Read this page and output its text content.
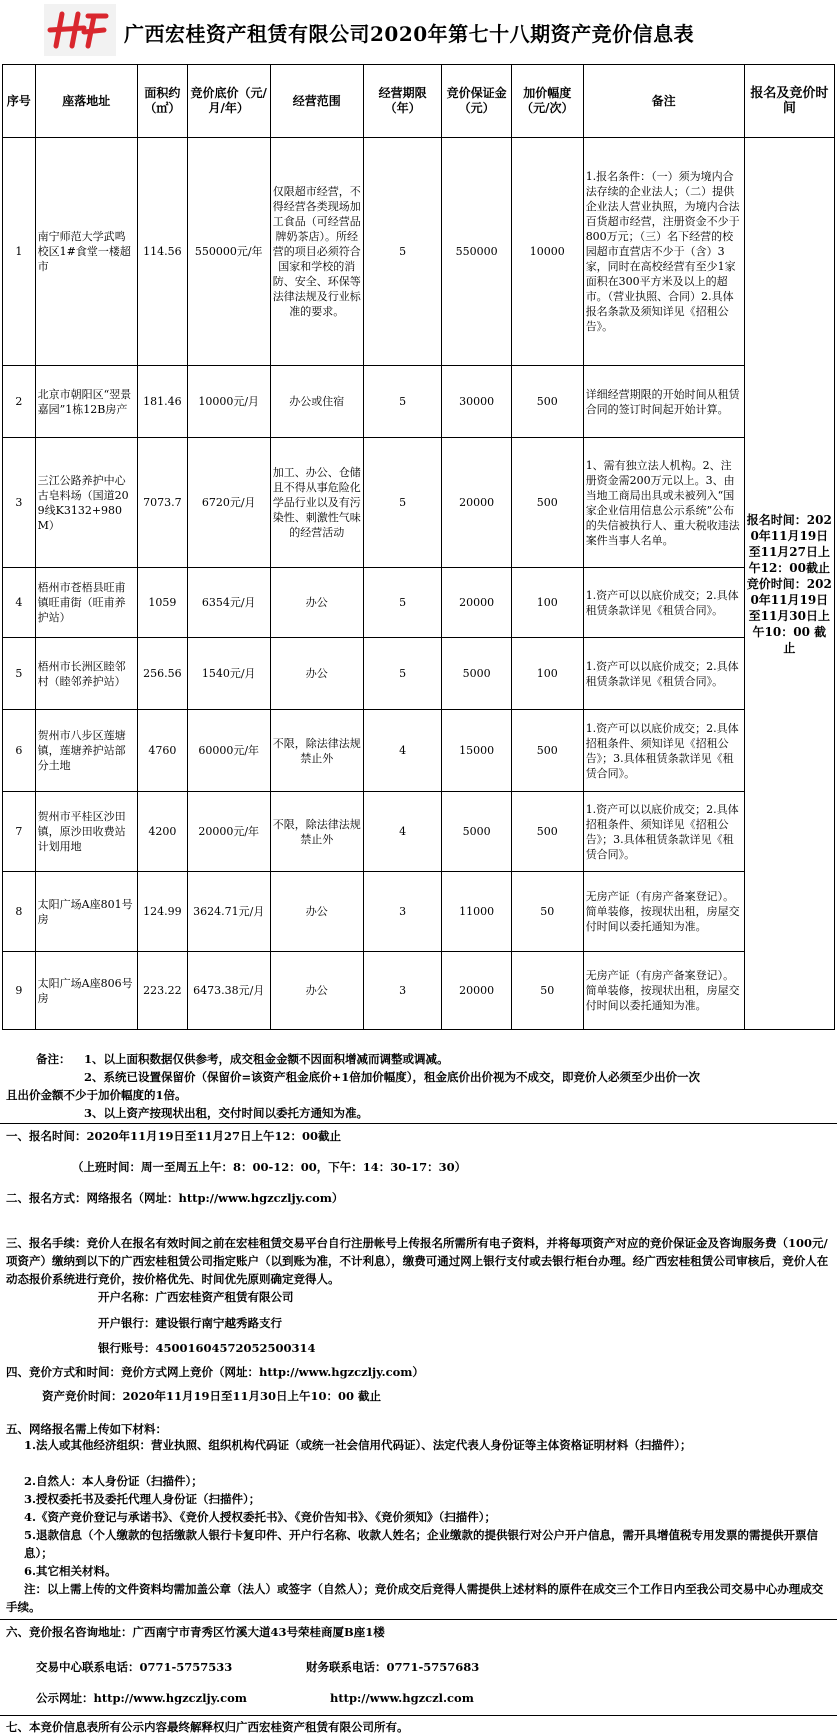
广西宏桂资产租赁有限公司2020年第七十八期资产竞价信息表
序号	座落地址	面积约（㎡）	竞价底价（元/月/年）	经营范围	经营期限（年）	竞价保证金（元）	加价幅度（元/次）	备注	报名及竞价时间
1	南宁师范大学武鸣校区1#食堂一楼超市	114.56	550000元/年	仅限超市经营，不得经营各类现场加工食品（可经营品牌奶茶店）。所经营的项目必须符合国家和学校的消防、安全、环保等法律法规及行业标准的要求。	5	550000	10000	1.报名条件：（一）须为境内合法存续的企业法人；（二）提供企业法人营业执照，为境内合法百货超市经营，注册资金不少于800万元；（三）名下经营的校园超市直营店不少于（含）3家，同时在高校经营有至少1家面积在300平方米及以上的超市。（营业执照、合同）2.具体报名条款及须知详见《招租公告》。	报名时间：2020年11月19日至11月27日上午12：00截止竞价时间：2020年11月19日至11月30日上午10：00 截止
2	北京市朝阳区“翌景嘉园”1栋12B房产	181.46	10000元/月	办公或住宿	5	30000	500	详细经营期限的开始时间从租赁合同的签订时间起开始计算。	
3	三江公路养护中心古皂料场（国道209线K3132+980M）	7073.7	6720元/月	加工、办公、仓储且不得从事危险化学品行业以及有污染性、刺激性气味的经营活动	5	20000	500	1、需有独立法人机构。2、注册资金需200万元以上。3、由当地工商局出具或未被列入“国家企业信用信息公示系统”公布的失信被执行人、重大税收违法案件当事人名单。	
4	梧州市苍梧县旺甫镇旺甫街（旺甫养护站）	1059	6354元/月	办公	5	20000	100	1.资产可以以底价成交；2.具体租赁条款详见《租赁合同》。	
5	梧州市长洲区睦邻村（睦邻养护站）	256.56	1540元/月	办公	5	5000	100	1.资产可以以底价成交；2.具体租赁条款详见《租赁合同》。	
6	贺州市八步区莲塘镇，莲塘养护站部分土地	4760	60000元/年	不限，除法律法规禁止外	4	15000	500	1.资产可以以底价成交；2.具体招租条件、须知详见《招租公告》；3.具体租赁条款详见《租赁合同》。	
7	贺州市平桂区沙田镇，原沙田收费站计划用地	4200	20000元/年	不限，除法律法规禁止外	4	5000	500	1.资产可以以底价成交；2.具体招租条件、须知详见《招租公告》；3.具体租赁条款详见《租赁合同》。	
8	太阳广场A座801号房	124.99	3624.71元/月	办公	3	11000	50	无房产证（有房产备案登记）。简单装修，按现状出租，房屋交付时间以委托通知为准。	
9	太阳广场A座806号房	223.22	6473.38元/月	办公	3	20000	50	无房产证（有房产备案登记）。简单装修，按现状出租，房屋交付时间以委托通知为准。	
备注： 1、以上面积数据仅供参考，成交租金金额不因面积增减而调整或调减。
2、系统已设置保留价（保留价=该资产租金底价+1倍加价幅度），租金底价出价视为不成交，即竞价人必须至少出价一次
且出价金额不少于加价幅度的1倍。
3、以上资产按现状出租，交付时间以委托方通知为准。
一、报名时间：2020年11月19日至11月27日上午12：00截止
（上班时间：周一至周五上午：8：00-12：00，下午：14：30-17：30）
二、报名方式：网络报名（网址：http://www.hgzczljy.com）
三、报名手续：竞价人在报名有效时间之前在宏桂租赁交易平台自行注册帐号上传报名所需所有电子资料，并将每项资产对应的竞价保证金及咨询服务费（100元/项资产）缴纳到以下的广西宏桂租赁公司指定账户（以到账为准，不计利息），缴费可通过网上银行支付或去银行柜台办理。经广西宏桂租赁公司审核后，竞价人在动态报价系统进行竞价，按价格优先、时间优先原则确定竞得人。
开户名称：广西宏桂资产租赁有限公司
开户银行：建设银行南宁越秀路支行
银行账号：45001604572052500314
四、竞价方式和时间：竞价方式网上竞价（网址：http://www.hgzczljy.com）
资产竞价时间：2020年11月19日至11月30日上午10：00 截止
五、网络报名需上传如下材料：
1.法人或其他经济组织：营业执照、组织机构代码证（或统一社会信用代码证）、法定代表人身份证等主体资格证明材料（扫描件）；
2.自然人：本人身份证（扫描件）；
3.授权委托书及委托代理人身份证（扫描件）；
4.《资产竞价登记与承诺书》、《竞价人授权委托书》、《竞价告知书》、《竞价须知》（扫描件）；
5.退款信息（个人缴款的包括缴款人银行卡复印件、开户行名称、收款人姓名；企业缴款的提供银行对公户开户信息，需开具增值税专用发票的需提供开票信息）；
6.其它相关材料。
注：以上需上传的文件资料均需加盖公章（法人）或签字（自然人）；竞价成交后竞得人需提供上述材料的原件在成交三个工作日内至我公司交易中心办理成交手续。
六、竞价报名咨询地址：广西南宁市青秀区竹溪大道43号荣桂商厦B座1楼
交易中心联系电话：0771-5757533	财务联系电话：0771-5757683
公示网址：http://www.hgzczljy.com	http://www.hgzczl.com
七、本竞价信息表所有公示内容最终解释权归广西宏桂资产租赁有限公司所有。
